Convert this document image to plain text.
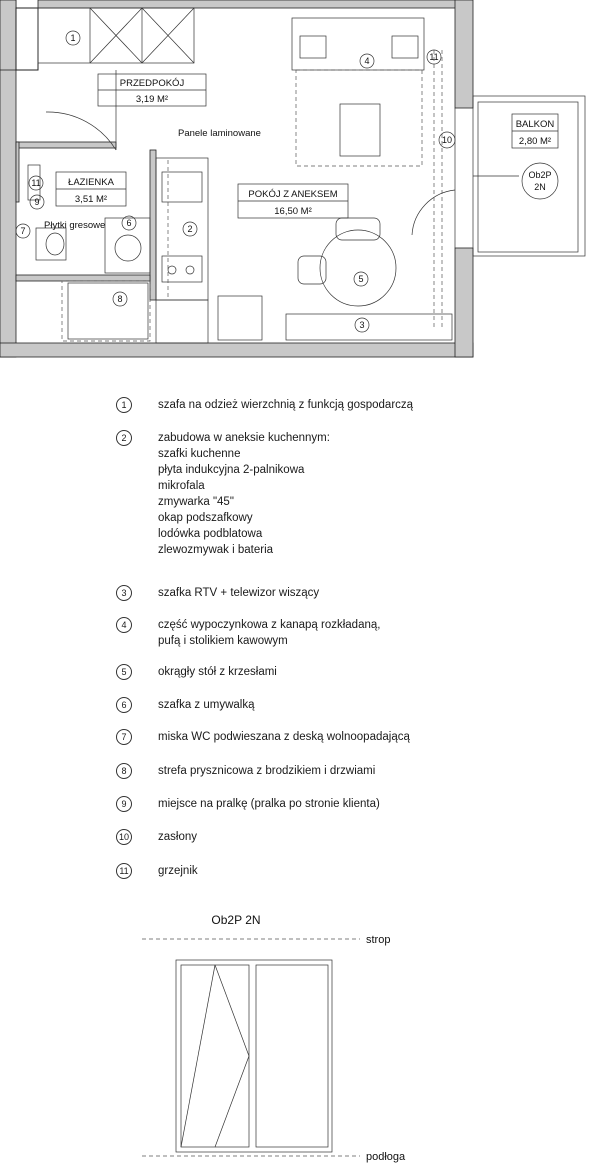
PRZEDPOKÓJ
3,19 M²
ŁAZIENKA
3,51 M²	POKÓJ Z ANEKSEM
16,50 M²
BALKON
2,80 M²
Panele laminowane
Płytki gresowe
Ob2P
2N
1
2
3
4
5
6
7
8
9
10
11
11
Ob2P 2N
strop
podłoga
1	szafa na odzież wierzchnią z funkcją gospodarczą
2	zabudowa w aneksie kuchennym:
szafki kuchenne
płyta indukcyjna 2-palnikowa
mikrofala
zmywarka "45"
okap podszafkowy
lodówka podblatowa
zlewozmywak i bateria
3	szafka RTV + telewizor wiszący
4	część wypoczynkowa z kanapą rozkładaną,
pufą i stolikiem kawowym
5	okrągły stół z krzesłami
6	szafka z umywalką
7	miska WC podwieszana z deską wolnoopadającą
8	strefa prysznicowa z brodzikiem i drzwiami
9	miejsce na pralkę (pralka po stronie klienta)
10	zasłony
11	grzejnik
